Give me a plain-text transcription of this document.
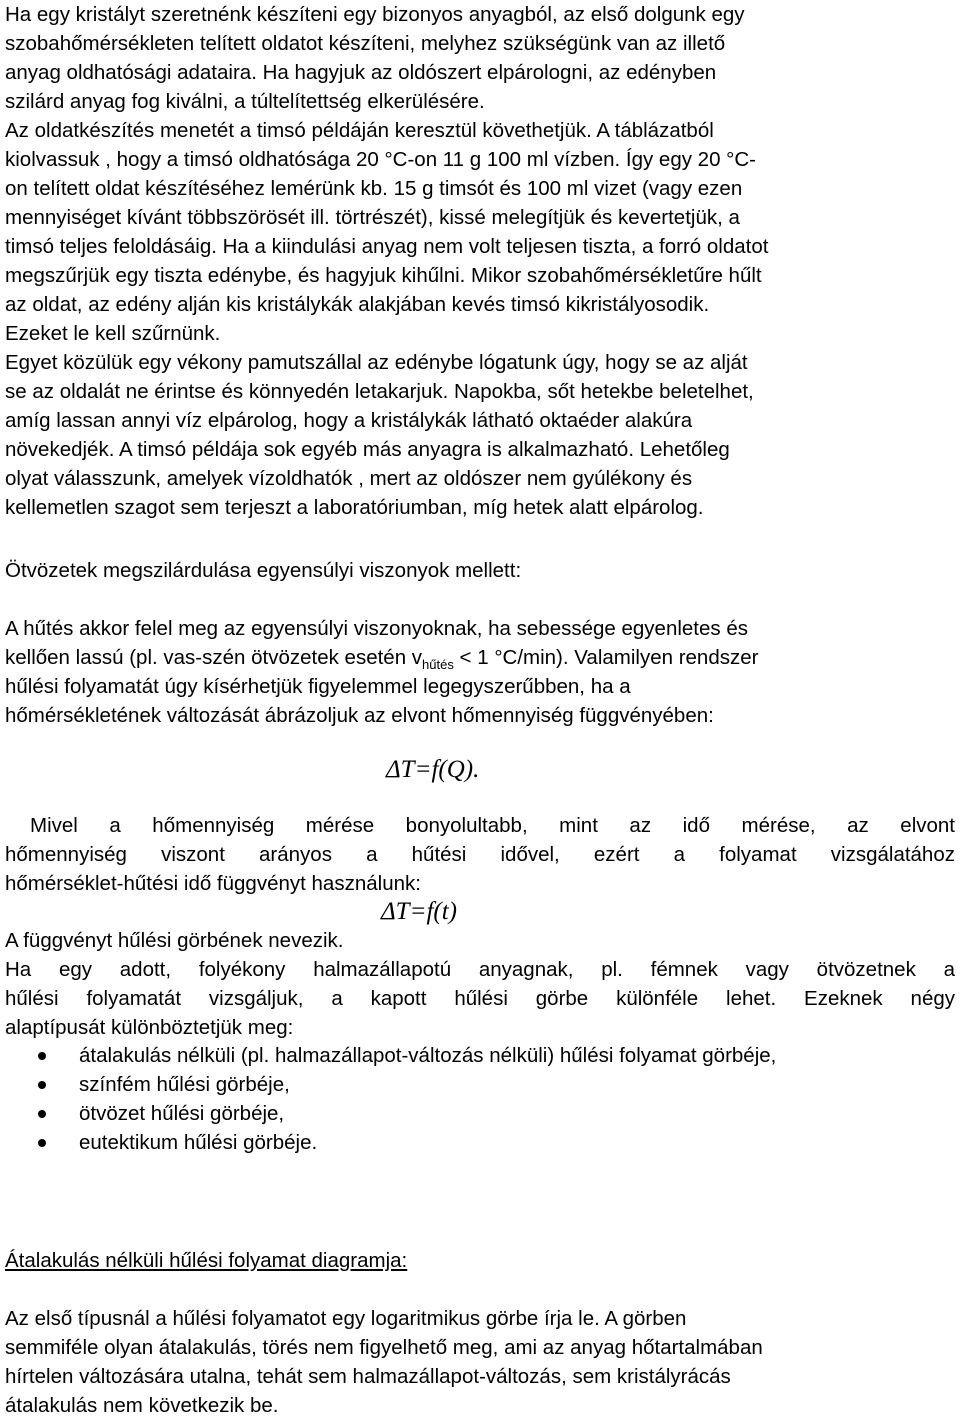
Ha egy kristályt szeretnénk készíteni egy bizonyos anyagból, az első dolgunk egy

szobahőmérsékleten telített oldatot készíteni, melyhez szükségünk van az illető

anyag oldhatósági adataira. Ha hagyjuk az oldószert elpárologni, az edényben

szilárd anyag fog kiválni, a túltelítettség elkerülésére.

Az oldatkészítés menetét a timsó példáján keresztül követhetjük. A táblázatból

kiolvassuk , hogy a timsó oldhatósága 20 °C-on 11 g 100 ml vízben. Így egy 20 °C-

on telített oldat készítéséhez lemérünk kb. 15 g timsót és 100 ml vizet (vagy ezen

mennyiséget kívánt többszörösét ill. törtrészét), kissé melegítjük és kevertetjük, a

timsó teljes feloldásáig. Ha a kiindulási anyag nem volt teljesen tiszta, a forró oldatot

megszűrjük egy tiszta edénybe, és hagyjuk kihűlni. Mikor szobahőmérsékletűre hűlt

az oldat, az edény alján kis kristálykák alakjában kevés timsó kikristályosodik.

Ezeket le kell szűrnünk.

Egyet közülük egy vékony pamutszállal az edénybe lógatunk úgy, hogy se az alját

se az oldalát ne érintse és könnyedén letakarjuk. Napokba, sőt hetekbe beletelhet,

amíg lassan annyi víz elpárolog, hogy a kristálykák látható oktaéder alakúra

növekedjék. A timsó példája sok egyéb más anyagra is alkalmazható. Lehetőleg

olyat válasszunk, amelyek vízoldhatók , mert az oldószer nem gyúlékony és

kellemetlen szagot sem terjeszt a laboratóriumban, míg hetek alatt elpárolog.

Ötvözetek megszilárdulása egyensúlyi viszonyok mellett:

A hűtés akkor felel meg az egyensúlyi viszonyoknak, ha sebessége egyenletes és

kellően lassú (pl. vas-szén ötvözetek esetén $v_{hűtés} < 1$ °C/min). Valamilyen rendszer

hűlési folyamatát úgy kísérhetjük figyelemmel legegyszerűbben, ha a

hőmérsékletének változását ábrázoljuk az elvont hőmennyiség függvényében:

ΔT=f(Q).

Mivel a hőmennyiség mérése bonyolultabb, mint az idő mérése, az elvont

hőmennyiség viszont arányos a hűtési idővel, ezért a folyamat vizsgálatához

hőmérséklet-hűtési idő függvényt használunk:

ΔT=f(t)

A függvényt hűlési görbének nevezik.

Ha egy adott, folyékony halmazállapotú anyagnak, pl. fémnek vagy ötvözetnek a

hűlési folyamatát vizsgáljuk, a kapott hűlési görbe különféle lehet. Ezeknek négy

alaptípusát különböztetjük meg:

átalakulás nélküli (pl. halmazállapot-változás nélküli) hűlési folyamat görbéje,
színfém hűlési görbéje,
ötvözet hűlési görbéje,
eutektikum hűlési görbéje.

Átalakulás nélküli hűlési folyamat diagramja:

Az első típusnál a hűlési folyamatot egy logaritmikus görbe írja le. A görben

semmiféle olyan átalakulás, törés nem figyelhető meg, ami az anyag hőtartalmában

hírtelen változására utalna, tehát sem halmazállapot-változás, sem kristályrácás

átalakulás nem következik be.
